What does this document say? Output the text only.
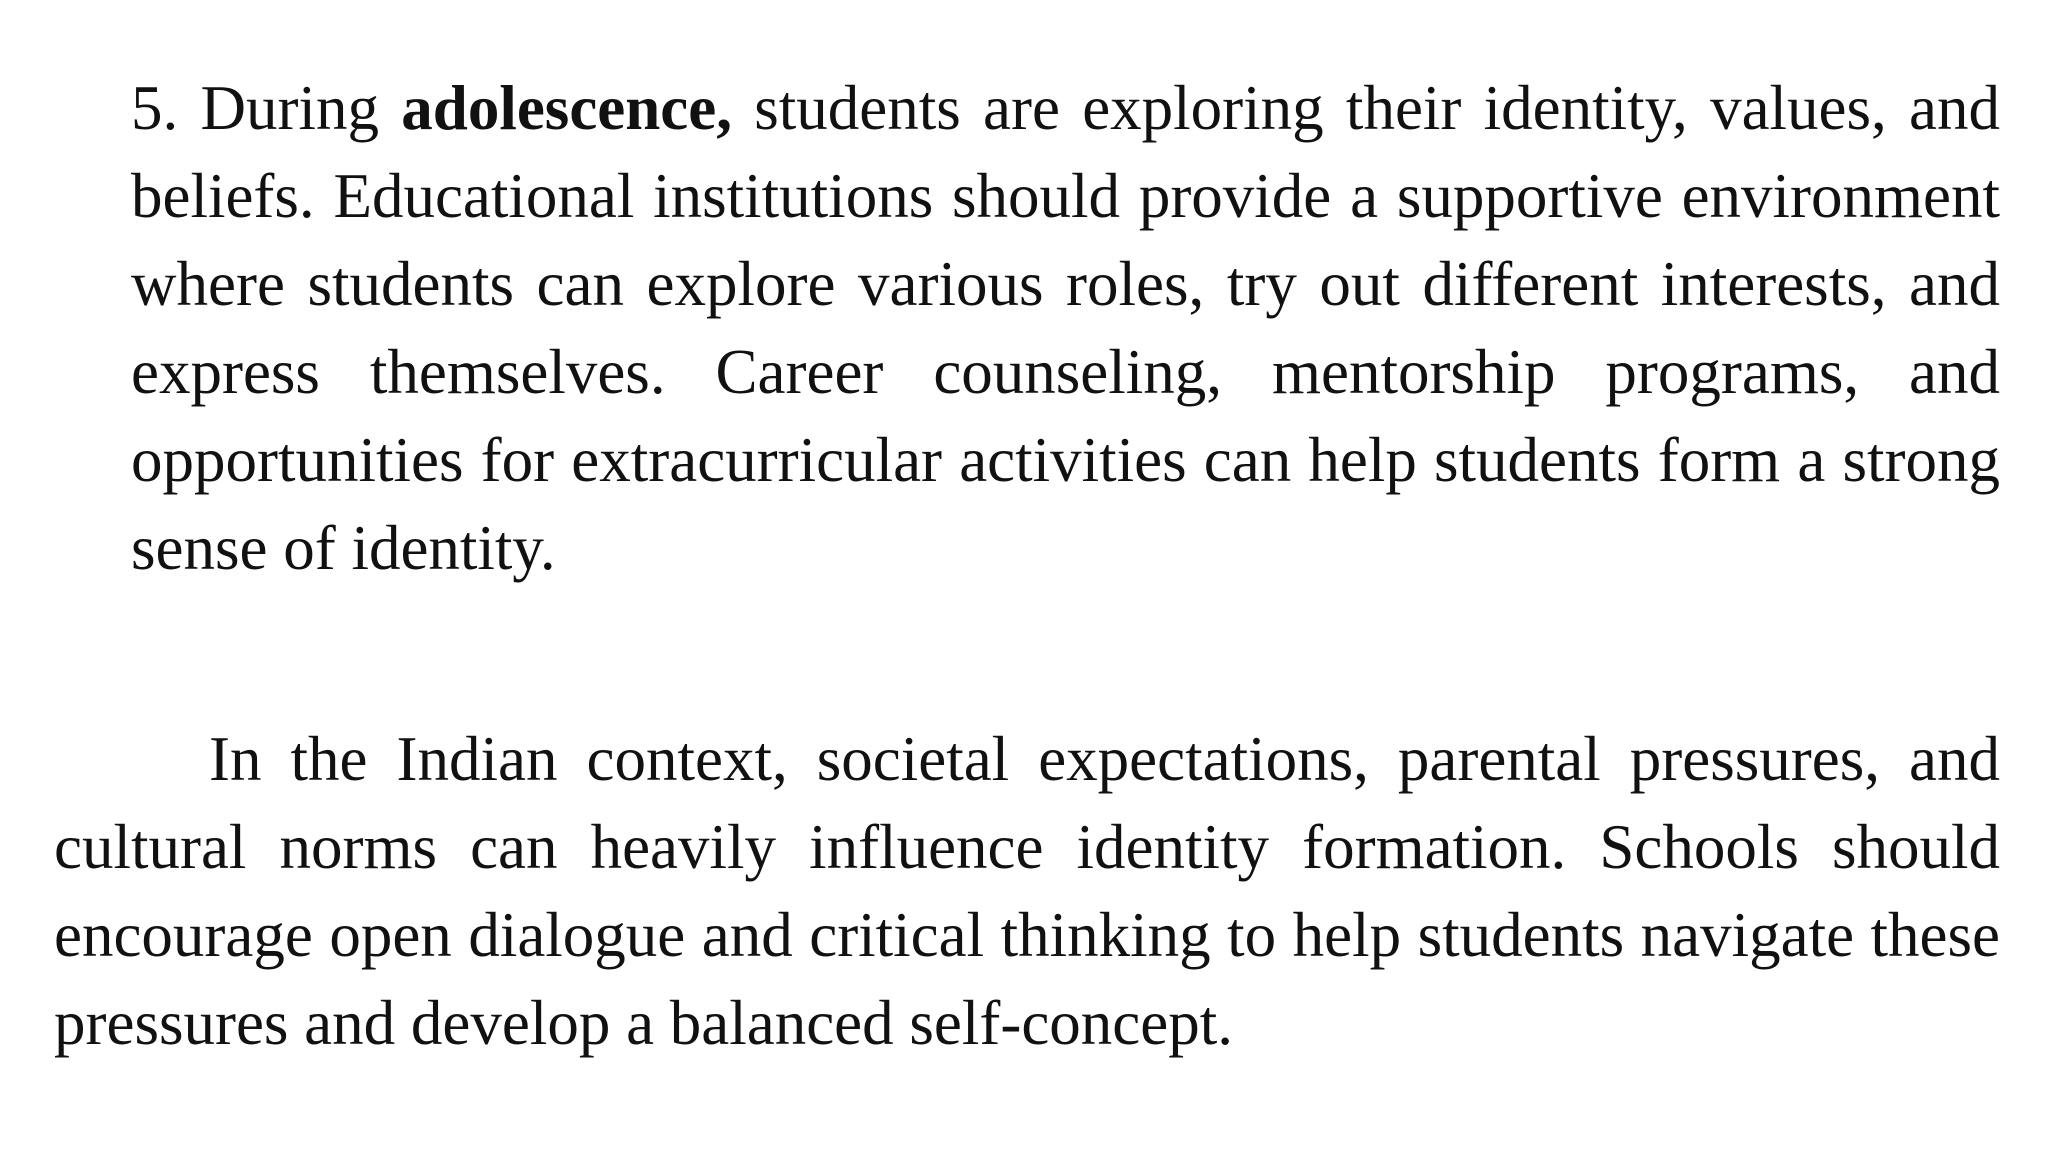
5. During adolescence, students are exploring their identity, values, and beliefs. Educational institutions should provide a supportive environment where students can explore various roles, try out different interests, and express themselves. Career counseling, mentorship programs, and opportunities for extracurricular activities can help students form a strong sense of identity.

In the Indian context, societal expectations, parental pressures, and cultural norms can heavily influence identity formation. Schools should encourage open dialogue and critical thinking to help students navigate these pressures and develop a balanced self-concept.
